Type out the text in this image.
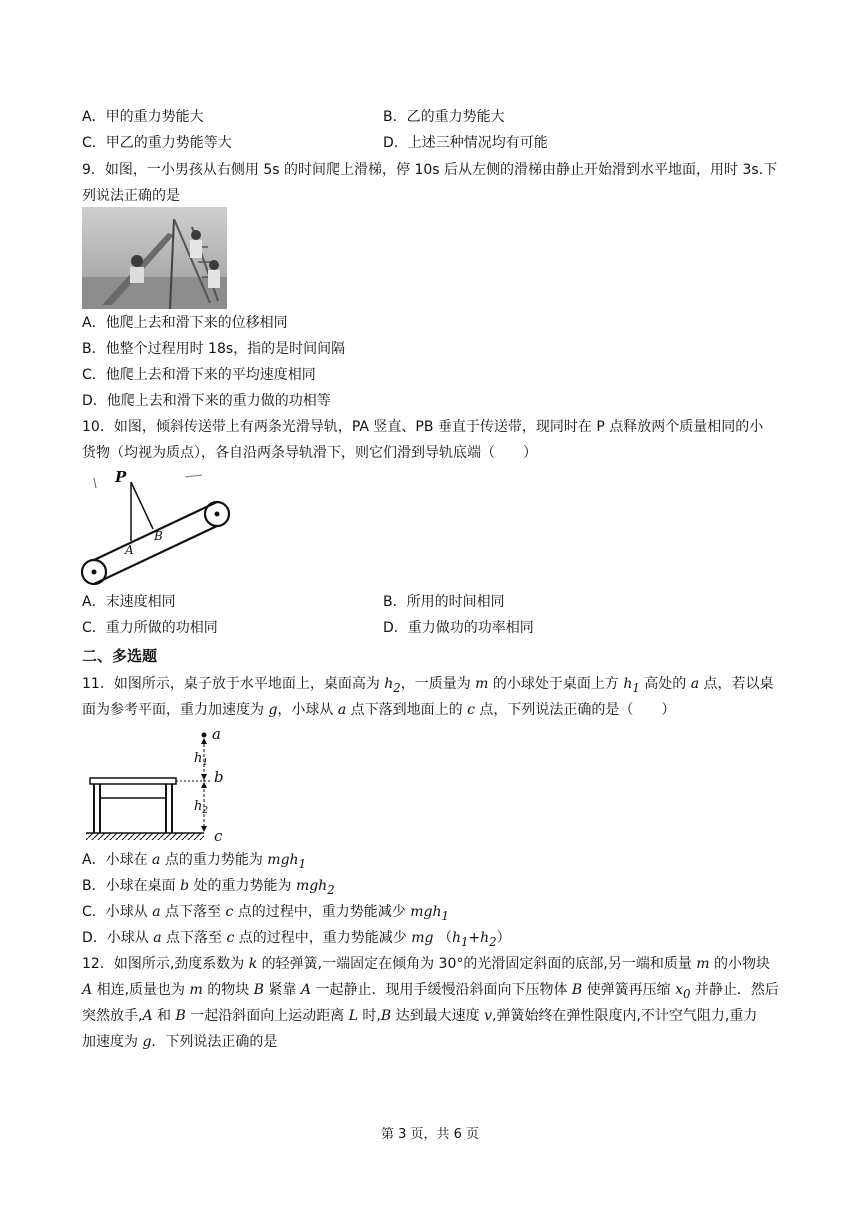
A．甲的重力势能大	B．乙的重力势能大
C．甲乙的重力势能等大	D．上述三种情况均有可能
9．如图，一小男孩从右侧用 5s 的时间爬上滑梯，停 10s 后从左侧的滑梯由静止开始滑到水平地面，用时 3s.下
列说法正确的是
A．他爬上去和滑下来的位移相同
B．他整个过程用时 18s，指的是时间间隔
C．他爬上去和滑下来的平均速度相同
D．他爬上去和滑下来的重力做的功相等
10．如图，倾斜传送带上有两条光滑导轨，PA 竖直、PB 垂直于传送带，现同时在 P 点释放两个质量相同的小
货物（均视为质点），各自沿两条导轨滑下，则它们滑到导轨底端（　　）
P
A
B
A．末速度相同	B．所用的时间相同
C．重力所做的功相同	D．重力做功的功率相同
二、多选题
11．如图所示，桌子放于水平地面上，桌面高为 $h_2$，一质量为 m 的小球处于桌面上方 $h_1$ 高处的 a 点，若以桌
面为参考平面，重力加速度为 g，小球从 a 点下落到地面上的 c 点，下列说法正确的是（　　）
a
b
c
$h_1$
$h_2$
A．小球在 a 点的重力势能为 mgh$_1$
B．小球在桌面 b 处的重力势能为 mgh$_2$
C．小球从 a 点下落至 c 点的过程中，重力势能减少 mgh$_1$
D．小球从 a 点下落至 c 点的过程中，重力势能减少 mg $(h_1+h_2)$
12．如图所示,劲度系数为 k 的轻弹簧,一端固定在倾角为 30°的光滑固定斜面的底部,另一端和质量 m 的小物块
A 相连,质量也为 m 的物块 B 紧靠 A 一起静止．现用手缓慢沿斜面向下压物体 B 使弹簧再压缩 $x_0$ 并静止．然后
突然放手,A 和 B 一起沿斜面向上运动距离 L 时,B 达到最大速度 v,弹簧始终在弹性限度内,不计空气阻力,重力
加速度为 g．下列说法正确的是
第 3 页，共 6 页
